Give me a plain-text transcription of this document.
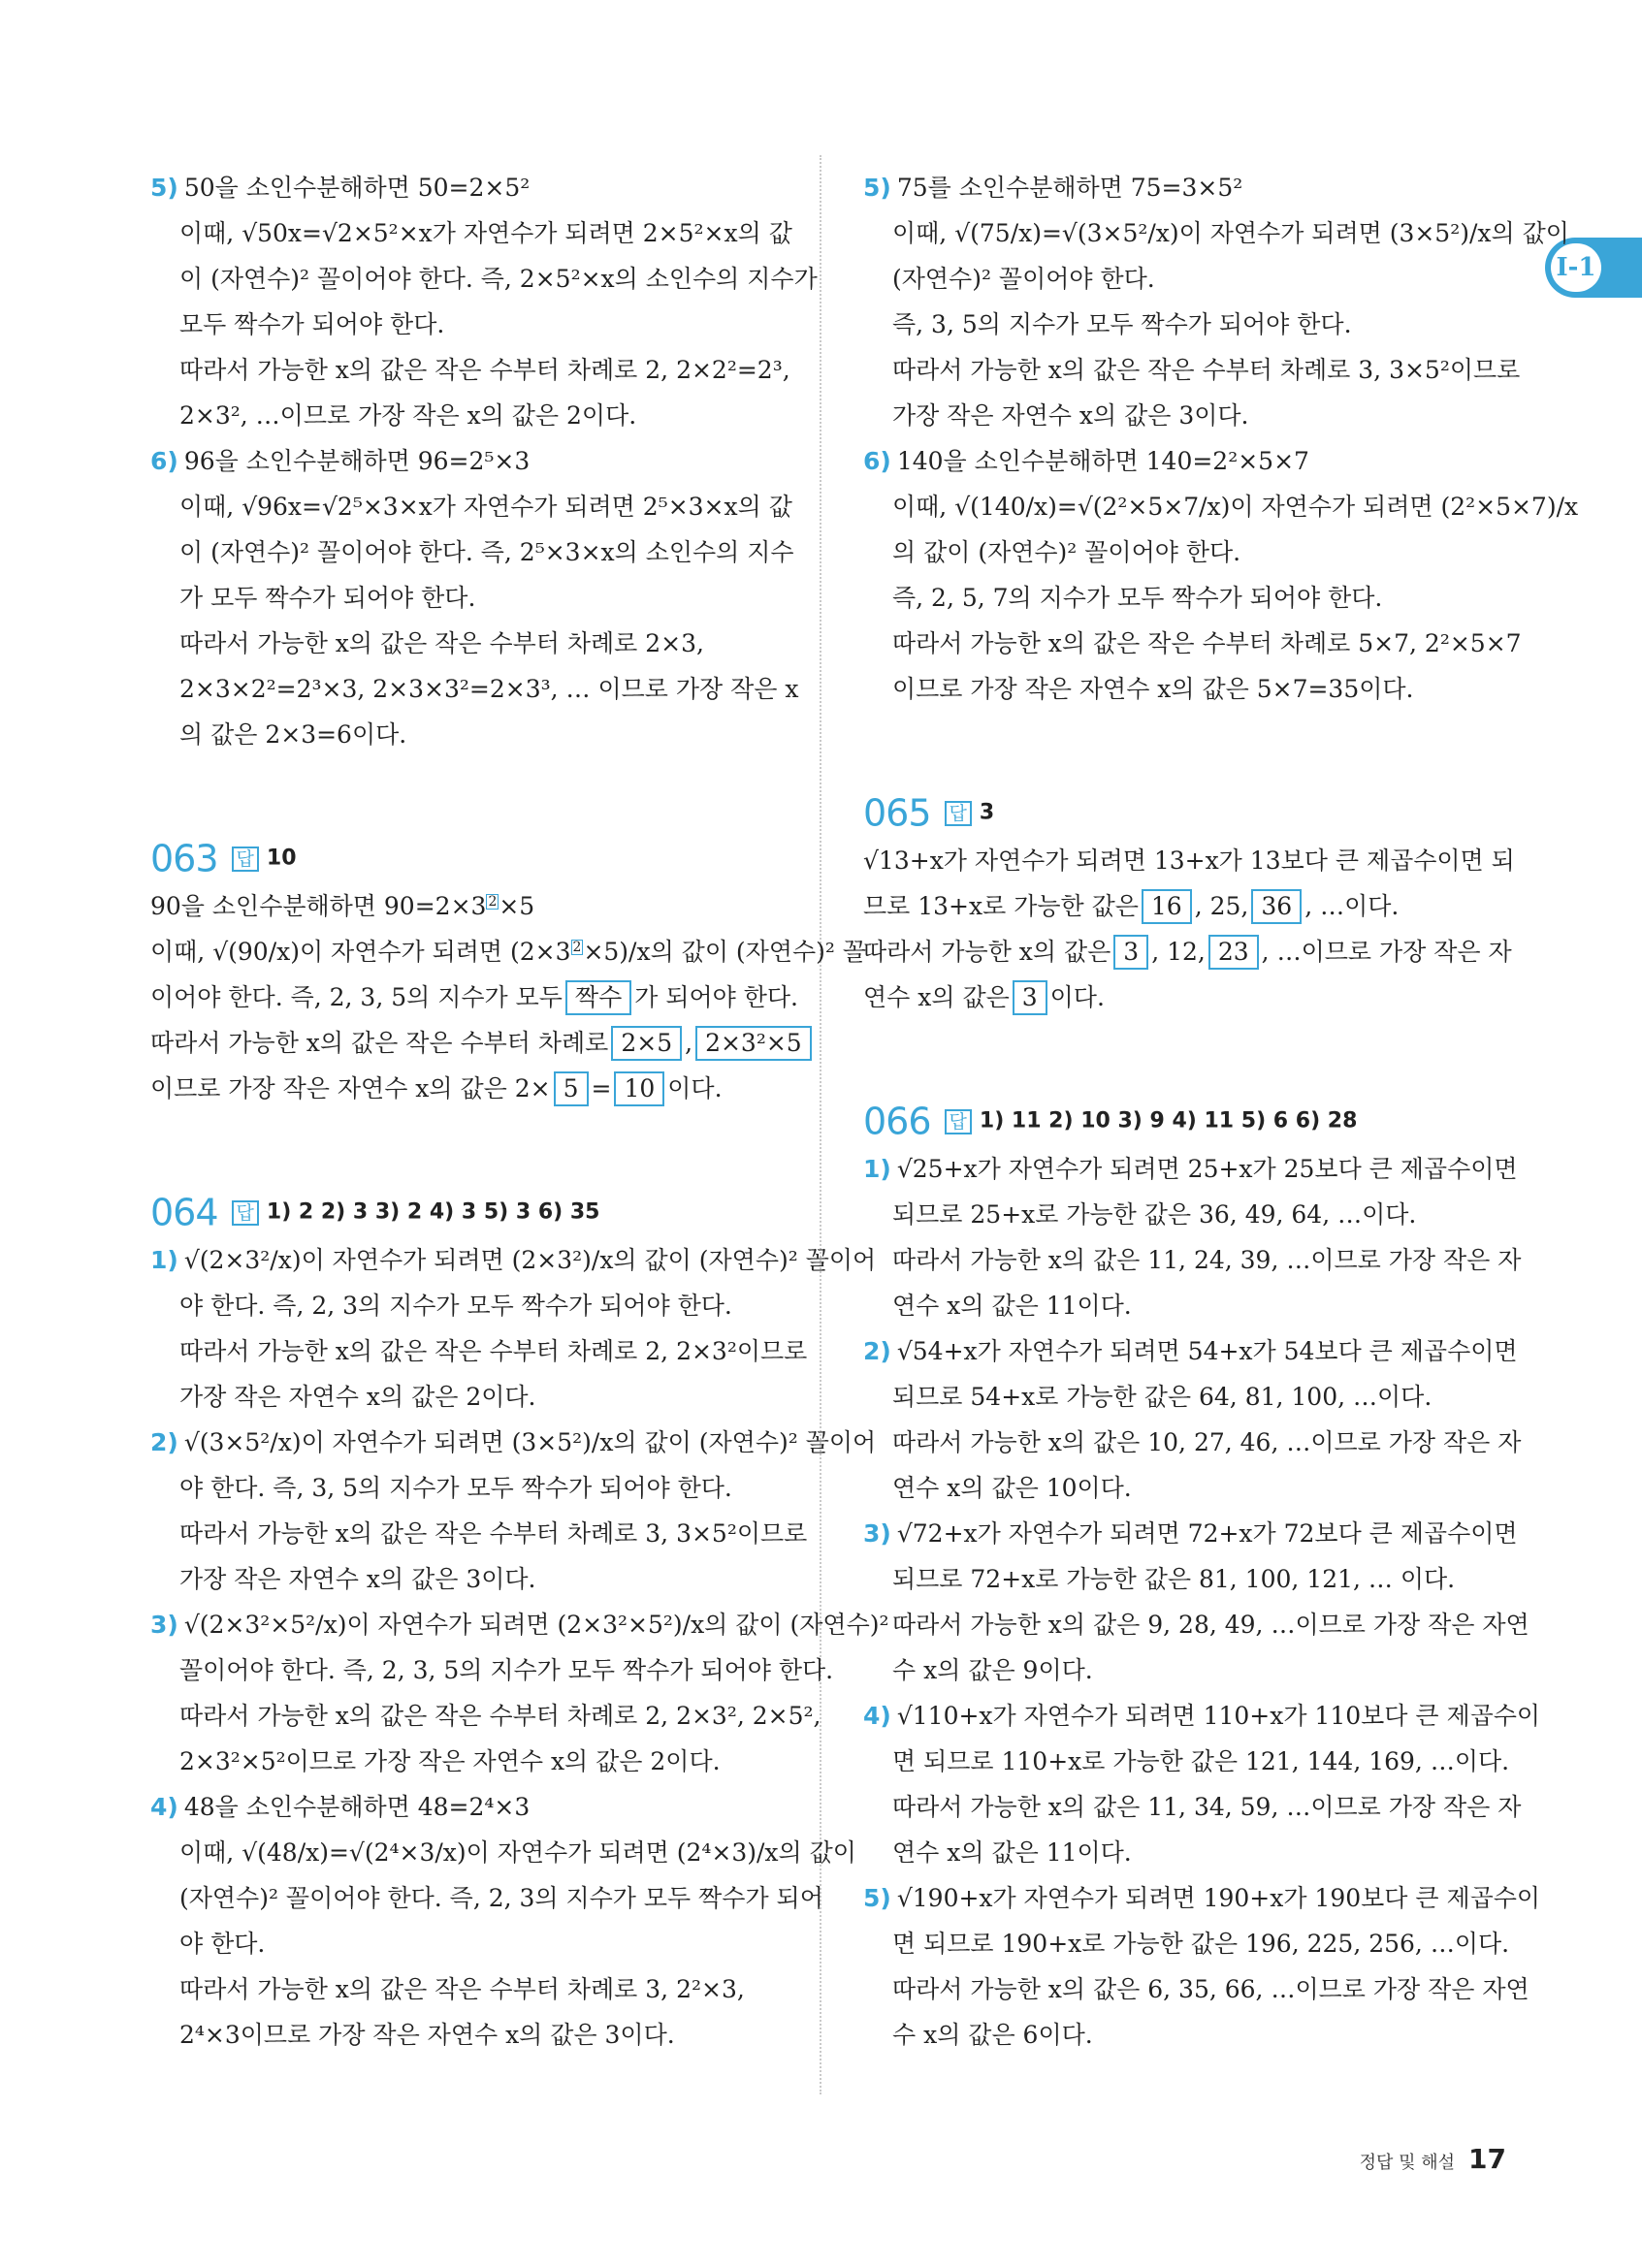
I-1
5) 50을 소인수분해하면 50=2×5²
이때, √50x=√2×5²×x가 자연수가 되려면 2×5²×x의 값
이 (자연수)² 꼴이어야 한다. 즉, 2×5²×x의 소인수의 지수가
모두 짝수가 되어야 한다.
따라서 가능한 x의 값은 작은 수부터 차례로 2, 2×2²=2³,
2×3², …이므로 가장 작은 x의 값은 2이다.
6) 96을 소인수분해하면 96=2⁵×3
이때, √96x=√2⁵×3×x가 자연수가 되려면 2⁵×3×x의 값
이 (자연수)² 꼴이어야 한다. 즉, 2⁵×3×x의 소인수의 지수
가 모두 짝수가 되어야 한다.
따라서 가능한 x의 값은 작은 수부터 차례로 2×3,
2×3×2²=2³×3, 2×3×3²=2×3³, … 이므로 가장 작은 x
의 값은 2×3=6이다.
063 답 10
90을 소인수분해하면 90=2×3 2×5
이때, √(90/x)이 자연수가 되려면 (2×3 2×5)/x의 값이 (자연수)² 꼴
이어야 한다. 즉, 2, 3, 5의 지수가 모두 짝수 가 되어야 한다.
따라서 가능한 x의 값은 작은 수부터 차례로 2×5 , 2×3²×5
이므로 가장 작은 자연수 x의 값은 2× 5 = 10 이다.
064 답 1) 2 2) 3 3) 2 4) 3 5) 3 6) 35
1) √(2×3²/x)이 자연수가 되려면 (2×3²)/x의 값이 (자연수)² 꼴이어
야 한다. 즉, 2, 3의 지수가 모두 짝수가 되어야 한다.
따라서 가능한 x의 값은 작은 수부터 차례로 2, 2×3²이므로
가장 작은 자연수 x의 값은 2이다.
2) √(3×5²/x)이 자연수가 되려면 (3×5²)/x의 값이 (자연수)² 꼴이어
야 한다. 즉, 3, 5의 지수가 모두 짝수가 되어야 한다.
따라서 가능한 x의 값은 작은 수부터 차례로 3, 3×5²이므로
가장 작은 자연수 x의 값은 3이다.
3) √(2×3²×5²/x)이 자연수가 되려면 (2×3²×5²)/x의 값이 (자연수)²
꼴이어야 한다. 즉, 2, 3, 5의 지수가 모두 짝수가 되어야 한다.
따라서 가능한 x의 값은 작은 수부터 차례로 2, 2×3², 2×5²,
2×3²×5²이므로 가장 작은 자연수 x의 값은 2이다.
4) 48을 소인수분해하면 48=2⁴×3
이때, √(48/x)=√(2⁴×3/x)이 자연수가 되려면 (2⁴×3)/x의 값이
(자연수)² 꼴이어야 한다. 즉, 2, 3의 지수가 모두 짝수가 되어
야 한다.
따라서 가능한 x의 값은 작은 수부터 차례로 3, 2²×3,
2⁴×3이므로 가장 작은 자연수 x의 값은 3이다.
5) 75를 소인수분해하면 75=3×5²
이때, √(75/x)=√(3×5²/x)이 자연수가 되려면 (3×5²)/x의 값이
(자연수)² 꼴이어야 한다.
즉, 3, 5의 지수가 모두 짝수가 되어야 한다.
따라서 가능한 x의 값은 작은 수부터 차례로 3, 3×5²이므로
가장 작은 자연수 x의 값은 3이다.
6) 140을 소인수분해하면 140=2²×5×7
이때, √(140/x)=√(2²×5×7/x)이 자연수가 되려면 (2²×5×7)/x
의 값이 (자연수)² 꼴이어야 한다.
즉, 2, 5, 7의 지수가 모두 짝수가 되어야 한다.
따라서 가능한 x의 값은 작은 수부터 차례로 5×7, 2²×5×7
이므로 가장 작은 자연수 x의 값은 5×7=35이다.
065 답 3
√13+x가 자연수가 되려면 13+x가 13보다 큰 제곱수이면 되
므로 13+x로 가능한 값은 16 , 25, 36 , …이다.
따라서 가능한 x의 값은 3 , 12, 23 , …이므로 가장 작은 자
연수 x의 값은 3 이다.
066 답 1) 11 2) 10 3) 9 4) 11 5) 6 6) 28
1) √25+x가 자연수가 되려면 25+x가 25보다 큰 제곱수이면
되므로 25+x로 가능한 값은 36, 49, 64, …이다.
따라서 가능한 x의 값은 11, 24, 39, …이므로 가장 작은 자
연수 x의 값은 11이다.
2) √54+x가 자연수가 되려면 54+x가 54보다 큰 제곱수이면
되므로 54+x로 가능한 값은 64, 81, 100, …이다.
따라서 가능한 x의 값은 10, 27, 46, …이므로 가장 작은 자
연수 x의 값은 10이다.
3) √72+x가 자연수가 되려면 72+x가 72보다 큰 제곱수이면
되므로 72+x로 가능한 값은 81, 100, 121, … 이다.
따라서 가능한 x의 값은 9, 28, 49, …이므로 가장 작은 자연
수 x의 값은 9이다.
4) √110+x가 자연수가 되려면 110+x가 110보다 큰 제곱수이
면 되므로 110+x로 가능한 값은 121, 144, 169, …이다.
따라서 가능한 x의 값은 11, 34, 59, …이므로 가장 작은 자
연수 x의 값은 11이다.
5) √190+x가 자연수가 되려면 190+x가 190보다 큰 제곱수이
면 되므로 190+x로 가능한 값은 196, 225, 256, …이다.
따라서 가능한 x의 값은 6, 35, 66, …이므로 가장 작은 자연
수 x의 값은 6이다.
정답 및 해설 17
